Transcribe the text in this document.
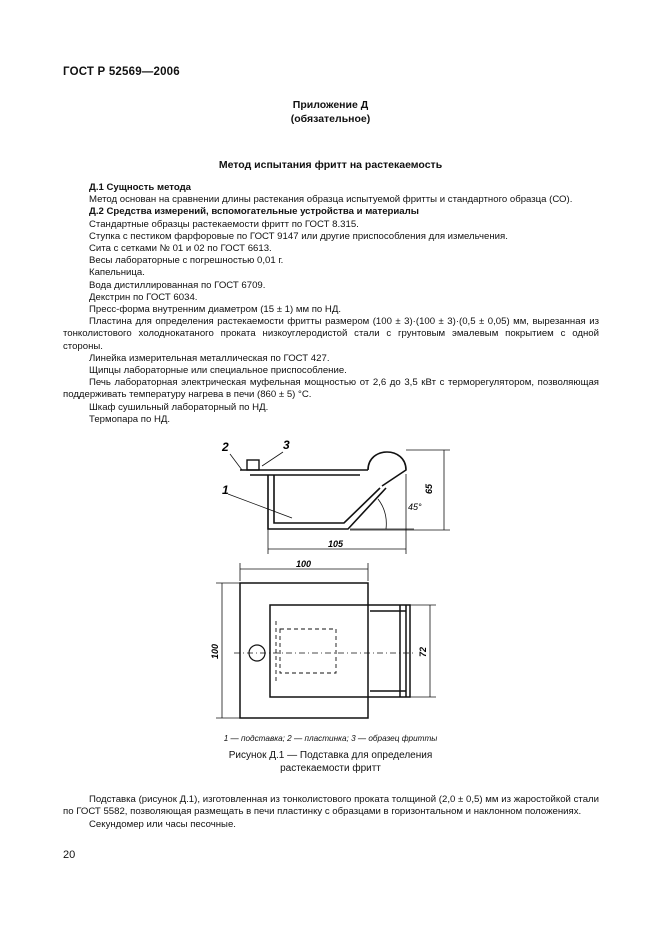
ГОСТ Р 52569—2006
Приложение Д
(обязательное)
Метод испытания фритт на растекаемость

Д.1 Сущность метода

Метод основан на сравнении длины растекания образца испытуемой фритты и стандартного образца (СО).

Д.2 Средства измерений, вспомогательные устройства и материалы

Стандартные образцы растекаемости фритт по ГОСТ 8.315.

Ступка с пестиком фарфоровые по ГОСТ 9147 или другие приспособления для измельчения.

Сита с сетками № 01 и 02 по ГОСТ 6613.

Весы лабораторные с погрешностью 0,01 г.

Капельница.

Вода дистиллированная по ГОСТ 6709.

Декстрин по ГОСТ 6034.

Пресс-форма внутренним диаметром (15 ± 1) мм по НД.

Пластина для определения растекаемости фритты размером (100 ± 3)·(100 ± 3)·(0,5 ± 0,05) мм, вырезанная из тонколистового холоднокатаного проката низкоуглеродистой стали с грунтовым эмалевым покрытием с одной стороны.

Линейка измерительная металлическая по ГОСТ 427.

Щипцы лабораторные или специальное приспособление.

Печь лабораторная электрическая муфельная мощностью от 2,6 до 3,5 кВт с терморегулятором, позволяющая поддерживать температуру нагрева в печи (860 ± 5) °С.

Шкаф сушильный лабораторный по НД.

Термопара по НД.

1
2	3
45°
105
65
100
100	72
1 — подставка; 2 — пластинка; 3 — образец фритты
Рисунок Д.1 — Подставка для определения
растекаемости фритт

Подставка (рисунок Д.1), изготовленная из тонколистового проката толщиной (2,0 ± 0,5) мм из жаростойкой стали по ГОСТ 5582, позволяющая размещать в печи пластинку с образцами в горизонтальном и наклонном положениях.

Секундомер или часы песочные.

20
